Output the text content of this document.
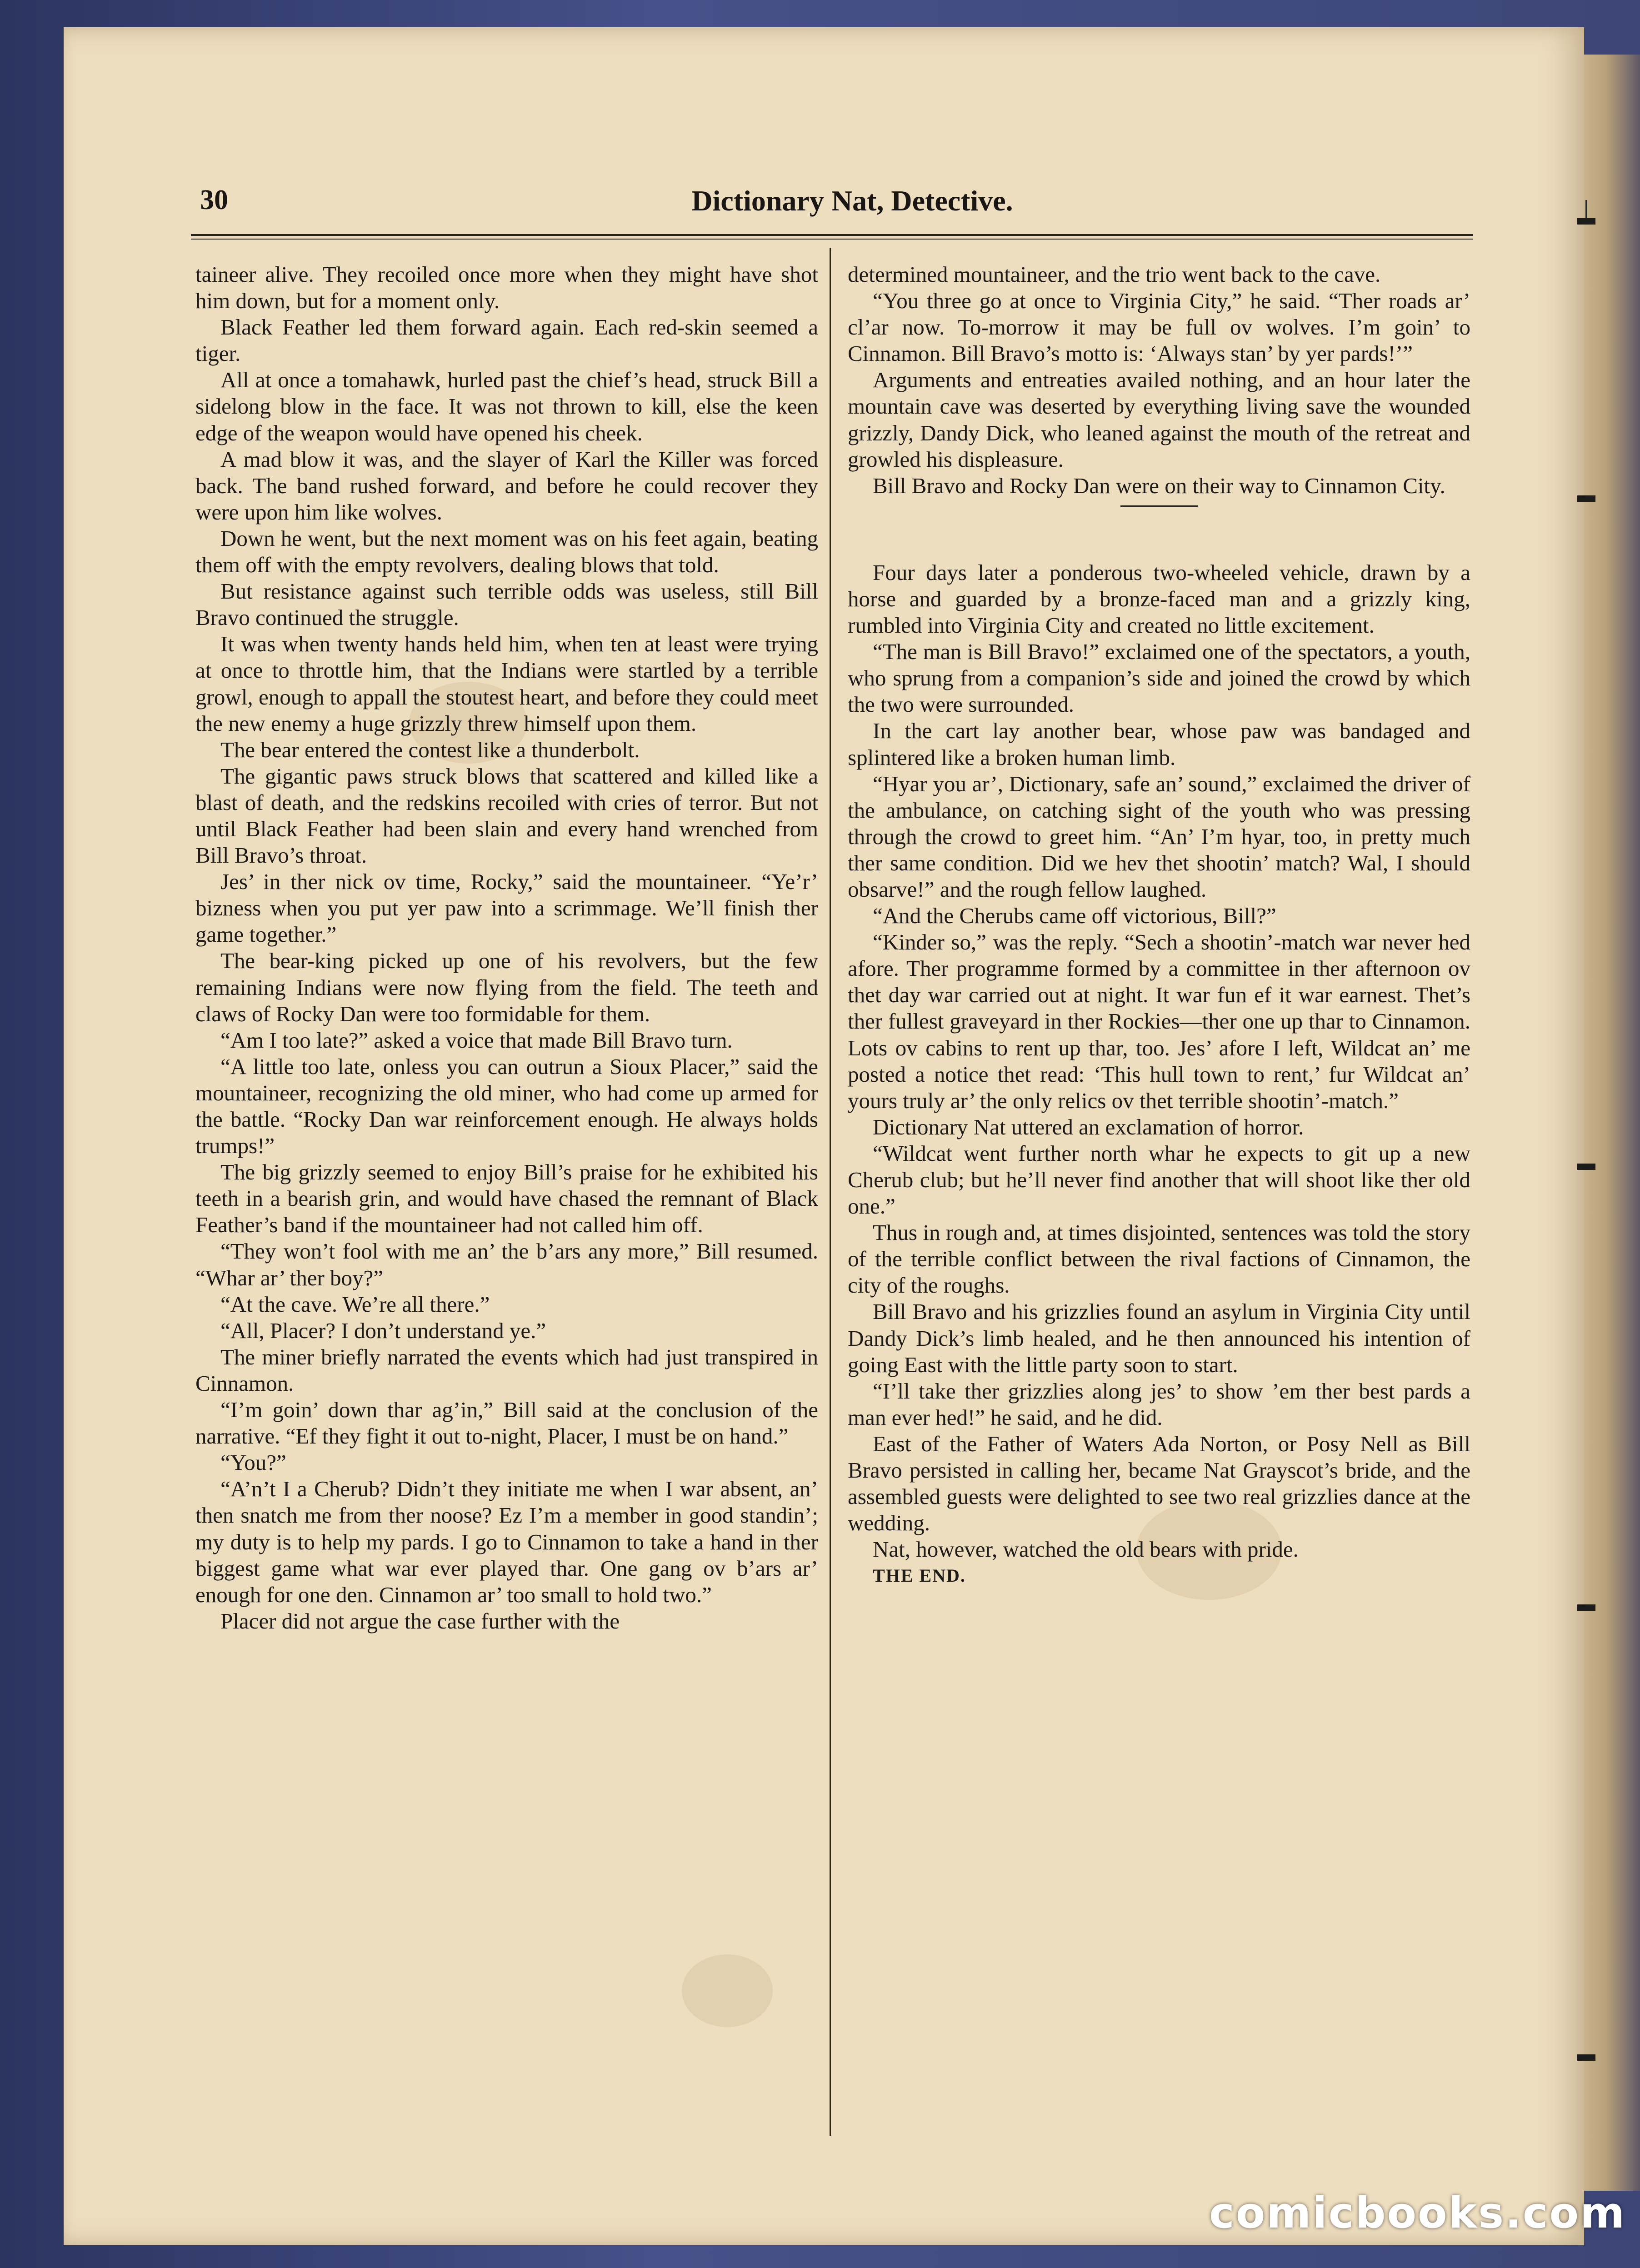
30	Dictionary Nat, Detective.

taineer alive. They recoiled once more when they might have shot him down, but for a moment only.

Black Feather led them forward again. Each red-skin seemed a tiger.

All at once a tomahawk, hurled past the chief’s head, struck Bill a sidelong blow in the face. It was not thrown to kill, else the keen edge of the weapon would have opened his cheek.

A mad blow it was, and the slayer of Karl the Killer was forced back. The band rushed forward, and before he could recover they were upon him like wolves.

Down he went, but the next moment was on his feet again, beating them off with the empty revolvers, dealing blows that told.

But resistance against such terrible odds was useless, still Bill Bravo continued the struggle.

It was when twenty hands held him, when ten at least were trying at once to throttle him, that the Indians were startled by a terrible growl, enough to appall the stoutest heart, and before they could meet the new enemy a huge grizzly threw himself upon them.

The bear entered the contest like a thunderbolt.

The gigantic paws struck blows that scattered and killed like a blast of death, and the redskins recoiled with cries of terror. But not until Black Feather had been slain and every hand wrenched from Bill Bravo’s throat.

Jes’ in ther nick ov time, Rocky,” said the mountaineer. “Ye’r’ bizness when you put yer paw into a scrimmage. We’ll finish ther game together.”

The bear-king picked up one of his revolvers, but the few remaining Indians were now flying from the field. The teeth and claws of Rocky Dan were too formidable for them.

“Am I too late?” asked a voice that made Bill Bravo turn.

“A little too late, onless you can outrun a Sioux Placer,” said the mountaineer, recognizing the old miner, who had come up armed for the battle. “Rocky Dan war reinforcement enough. He always holds trumps!”

The big grizzly seemed to enjoy Bill’s praise for he exhibited his teeth in a bearish grin, and would have chased the remnant of Black Feather’s band if the mountaineer had not called him off.

“They won’t fool with me an’ the b’ars any more,” Bill resumed. “Whar ar’ ther boy?”

“At the cave. We’re all there.”

“All, Placer? I don’t understand ye.”

The miner briefly narrated the events which had just transpired in Cinnamon.

“I’m goin’ down thar ag’in,” Bill said at the conclusion of the narrative. “Ef they fight it out to-night, Placer, I must be on hand.”

“You?”

“A’n’t I a Cherub? Didn’t they initiate me when I war absent, an’ then snatch me from ther noose? Ez I’m a member in good standin’; my duty is to help my pards. I go to Cinnamon to take a hand in ther biggest game what war ever played thar. One gang ov b’ars ar’ enough for one den. Cinnamon ar’ too small to hold two.”

Placer did not argue the case further with the

determined mountaineer, and the trio went back to the cave.

“You three go at once to Virginia City,” he said. “Ther roads ar’ cl’ar now. To-morrow it may be full ov wolves. I’m goin’ to Cinnamon. Bill Bravo’s motto is: ‘Always stan’ by yer pards!’”

Arguments and entreaties availed nothing, and an hour later the mountain cave was deserted by everything living save the wounded grizzly, Dandy Dick, who leaned against the mouth of the retreat and growled his displeasure.

Bill Bravo and Rocky Dan were on their way to Cinnamon City.

Four days later a ponderous two-wheeled vehicle, drawn by a horse and guarded by a bronze-faced man and a grizzly king, rumbled into Virginia City and created no little excitement.

“The man is Bill Bravo!” exclaimed one of the spectators, a youth, who sprung from a companion’s side and joined the crowd by which the two were surrounded.

In the cart lay another bear, whose paw was bandaged and splintered like a broken human limb.

“Hyar you ar’, Dictionary, safe an’ sound,” exclaimed the driver of the ambulance, on catching sight of the youth who was pressing through the crowd to greet him. “An’ I’m hyar, too, in pretty much ther same condition. Did we hev thet shootin’ match? Wal, I should obsarve!” and the rough fellow laughed.

“And the Cherubs came off victorious, Bill?”

“Kinder so,” was the reply. “Sech a shootin’-match war never hed afore. Ther programme formed by a committee in ther afternoon ov thet day war carried out at night. It war fun ef it war earnest. Thet’s ther fullest graveyard in ther Rockies—ther one up thar to Cinnamon. Lots ov cabins to rent up thar, too. Jes’ afore I left, Wildcat an’ me posted a notice thet read: ‘This hull town to rent,’ fur Wildcat an’ yours truly ar’ the only relics ov thet terrible shootin’-match.”

Dictionary Nat uttered an exclamation of horror.

“Wildcat went further north whar he expects to git up a new Cherub club; but he’ll never find another that will shoot like ther old one.”

Thus in rough and, at times disjointed, sentences was told the story of the terrible conflict between the rival factions of Cinnamon, the city of the roughs.

Bill Bravo and his grizzlies found an asylum in Virginia City until Dandy Dick’s limb healed, and he then announced his intention of going East with the little party soon to start.

“I’ll take ther grizzlies along jes’ to show ’em ther best pards a man ever hed!” he said, and he did.

East of the Father of Waters Ada Norton, or Posy Nell as Bill Bravo persisted in calling her, became Nat Grayscot’s bride, and the assembled guests were delighted to see two real grizzlies dance at the wedding.

Nat, however, watched the old bears with pride.

THE END.

comicbooks.com
